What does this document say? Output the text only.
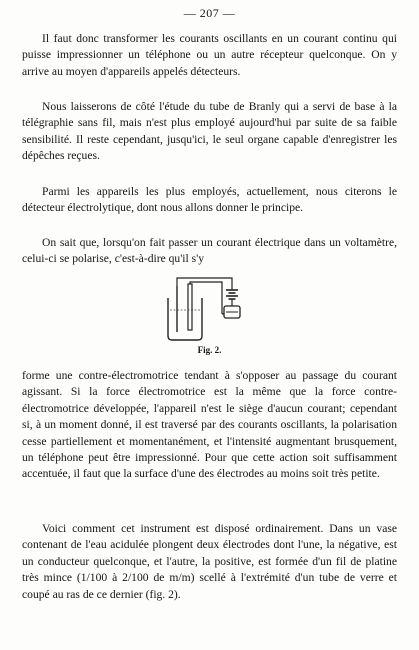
— 207 —

Il faut donc transformer les courants oscillants en un courant continu qui puisse impressionner un téléphone ou un autre récepteur quelconque. On y arrive au moyen d'appareils appelés détecteurs.

Nous laisserons de côté l'étude du tube de Branly qui a servi de base à la télégraphie sans fil, mais n'est plus employé aujourd'hui par suite de sa faible sensibilité. Il reste cependant, jusqu'ici, le seul organe capable d'enregistrer les dépêches reçues.

Parmi les appareils les plus employés, actuellement, nous citerons le détecteur électrolytique, dont nous allons donner le principe.

On sait que, lorsqu'on fait passer un courant électrique dans un voltamètre, celui-ci se polarise, c'est-à-dire qu'il s'y

Fig. 2.

forme une contre-électromotrice tendant à s'opposer au passage du courant agissant. Si la force électromotrice est la même que la force contre-électromotrice développée, l'appareil n'est le siège d'aucun courant; cependant si, à un moment donné, il est traversé par des courants oscillants, la polarisation cesse partiellement et momentanément, et l'intensité augmentant brusquement, un téléphone peut être impressionné. Pour que cette action soit suffisamment accentuée, il faut que la surface d'une des électrodes au moins soit très petite.

Voici comment cet instrument est disposé ordinairement. Dans un vase contenant de l'eau acidulée plongent deux électrodes dont l'une, la négative, est un conducteur quelconque, et l'autre, la positive, est formée d'un fil de platine très mince (1/100 à 2/100 de m/m) scellé à l'extrémité d'un tube de verre et coupé au ras de ce dernier (fig. 2).
